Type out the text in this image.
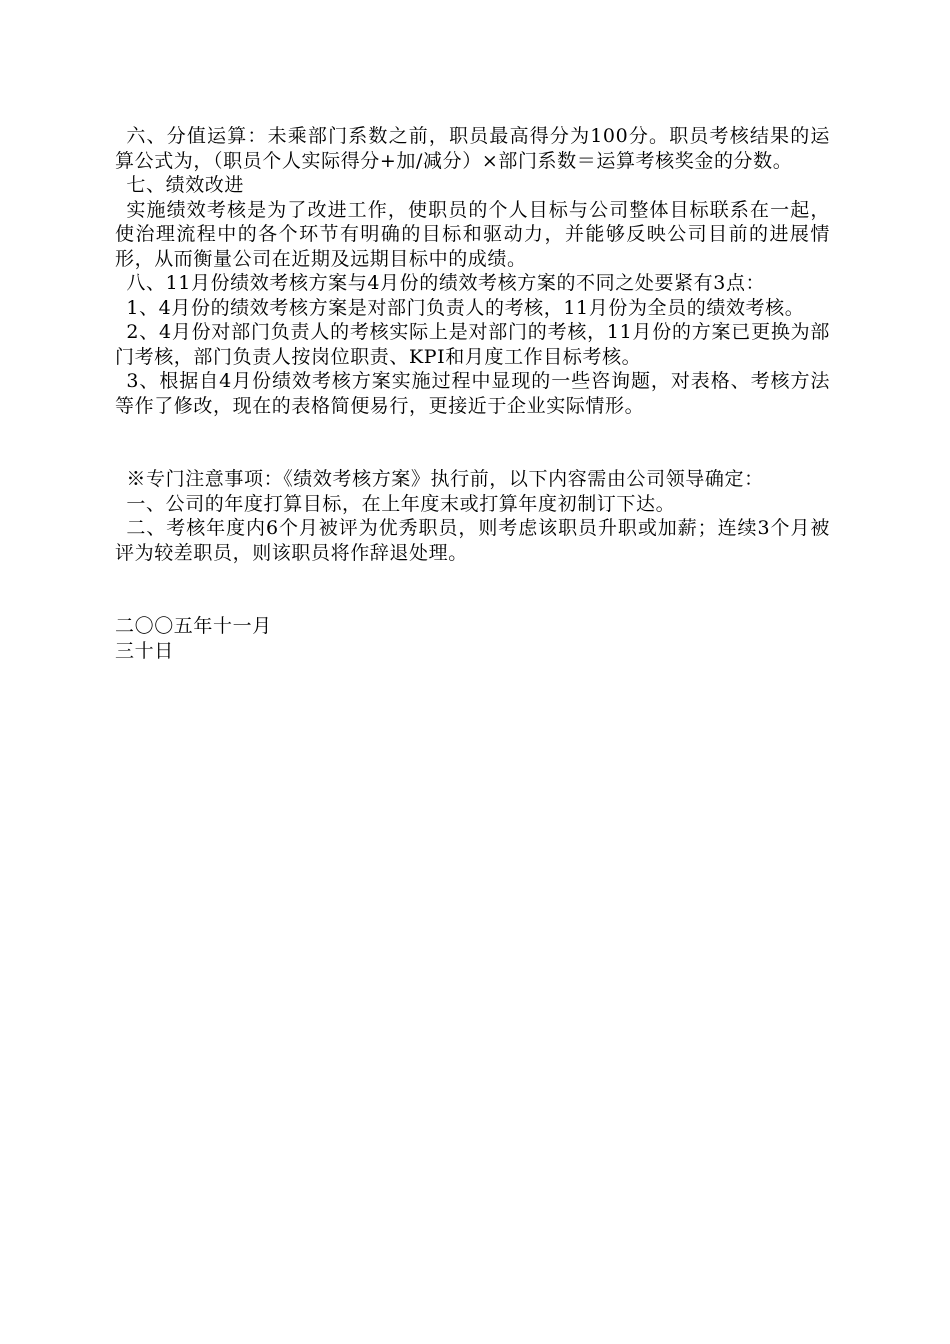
六、分值运算：未乘部门系数之前，职员最高得分为100分。职员考核结果的运算公式为，（职员个人实际得分+加/减分）×部门系数＝运算考核奖金的分数。

七、绩效改进

实施绩效考核是为了改进工作，使职员的个人目标与公司整体目标联系在一起，使治理流程中的各个环节有明确的目标和驱动力，并能够反映公司目前的进展情形，从而衡量公司在近期及远期目标中的成绩。

八、11月份绩效考核方案与4月份的绩效考核方案的不同之处要紧有3点：

1、4月份的绩效考核方案是对部门负责人的考核，11月份为全员的绩效考核。

2、4月份对部门负责人的考核实际上是对部门的考核，11月份的方案已更换为部门考核，部门负责人按岗位职责、KPI和月度工作目标考核。

3、根据自4月份绩效考核方案实施过程中显现的一些咨询题，对表格、考核方法等作了修改，现在的表格简便易行，更接近于企业实际情形。

※专门注意事项：《绩效考核方案》执行前，以下内容需由公司领导确定：

一、公司的年度打算目标，在上年度末或打算年度初制订下达。

二、考核年度内6个月被评为优秀职员，则考虑该职员升职或加薪；连续3个月被评为较差职员，则该职员将作辞退处理。

二〇〇五年十一月

三十日
